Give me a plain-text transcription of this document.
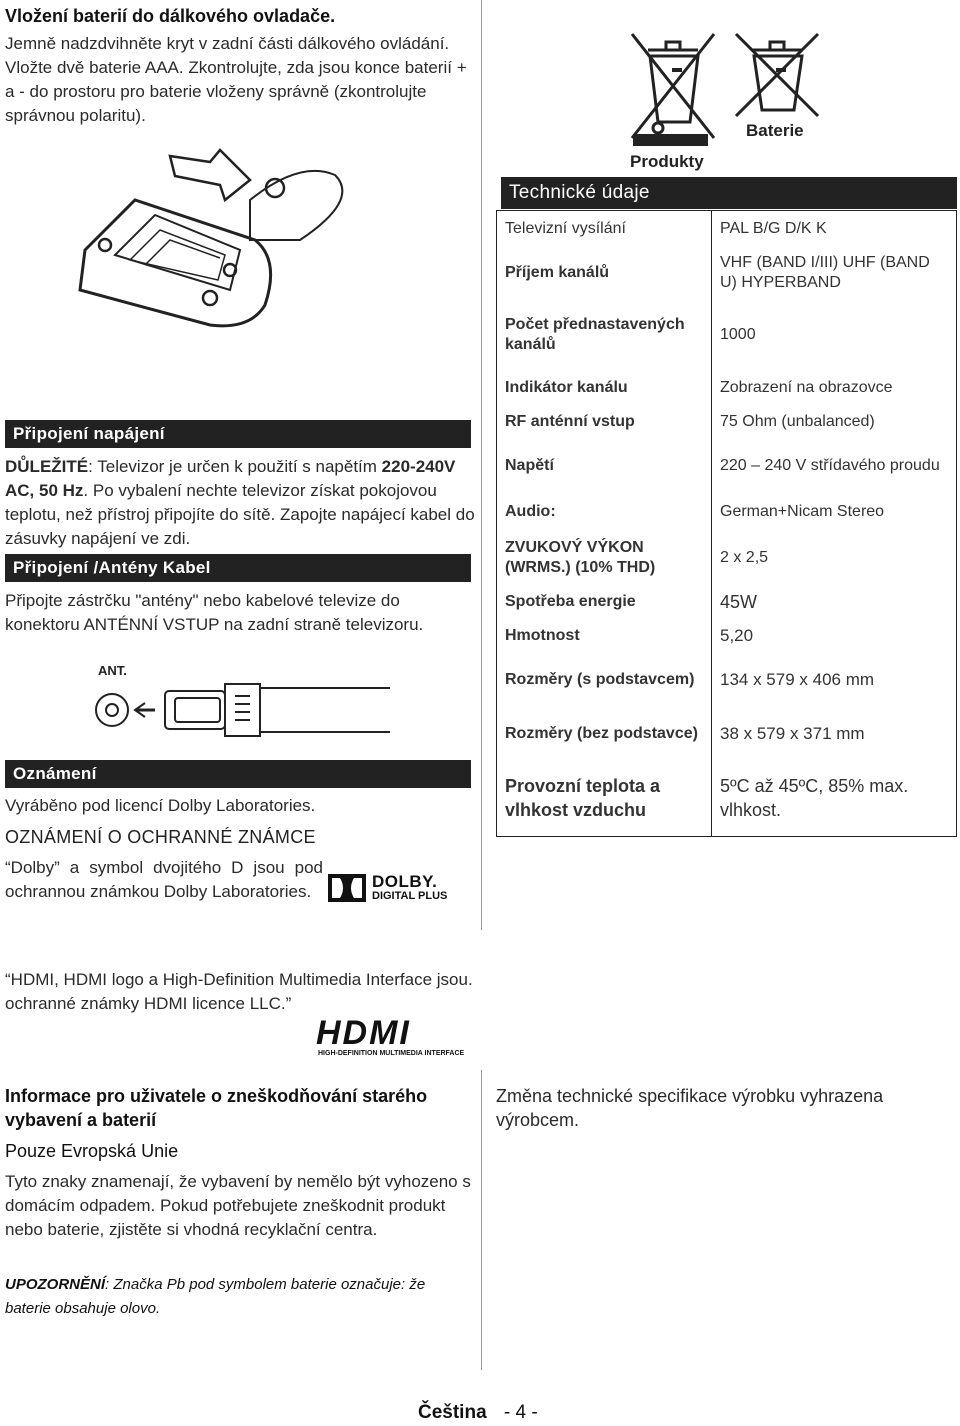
Vložení baterií do dálkového ovladače.
Jemně nadzdvihněte kryt v zadní části dálkového ovládání. Vložte dvě baterie AAA. Zkontrolujte, zda jsou konce baterií + a - do prostoru pro baterie vloženy správně (zkontrolujte správnou polaritu).
Připojení napájení
DŮLEŽITÉ: Televizor je určen k použití s napětím 220-240V AC, 50 Hz. Po vybalení nechte televizor získat pokojovou teplotu, než přístroj připojíte do sítě. Zapojte napájecí kabel do zásuvky napájení ve zdi.
Připojení /Antény Kabel
Připojte zástrčku "antény" nebo kabelové televize do konektoru ANTÉNNÍ VSTUP na zadní straně televizoru.
ANT.
Oznámení
Vyráběno pod licencí Dolby Laboratories.
OZNÁMENÍ O OCHRANNÉ ZNÁMCE
“Dolby” a symbol dvojitého D jsou pod ochrannou známkou Dolby Laboratories.
DOLBY.
DIGITAL PLUS
“HDMI, HDMI logo a High-Definition Multimedia Interface jsou. ochranné známky HDMI licence LLC.”
HDMI
HIGH-DEFINITION MULTIMEDIA INTERFACE
Informace pro uživatele o zneškodňování starého vybavení a baterií
Pouze Evropská Unie
Tyto znaky znamenají, že vybavení by nemělo být vyhozeno s domácím odpadem. Pokud potřebujete zneškodnit produkt nebo baterie, zjistěte si vhodná recyklační centra.
UPOZORNĚNÍ: Značka Pb pod symbolem baterie označuje: že baterie obsahuje olovo.
Produkty
Baterie
Technické údaje
Televizní vysílání	PAL B/G D/K K
Příjem kanálů	VHF (BAND I/III) UHF (BAND U) HYPERBAND
Počet přednastavených kanálů	1000
Indikátor kanálu	Zobrazení na obrazovce
RF anténní vstup	75 Ohm (unbalanced)
Napětí	220 – 240 V střídavého proudu
Audio:	German+Nicam Stereo
ZVUKOVÝ VÝKON (WRMS.) (10% THD)	2 x 2,5
Spotřeba energie	45W
Hmotnost	5,20
Rozměry (s podstavcem)	134 x 579 x 406 mm
Rozměry (bez podstavce)	38 x 579 x 371 mm
Provozní teplota a vlhkost vzduchu	5ºC až 45ºC, 85% max. vlhkost.
Změna technické specifikace výrobku vyhrazena výrobcem.
Čeština - 4 -
